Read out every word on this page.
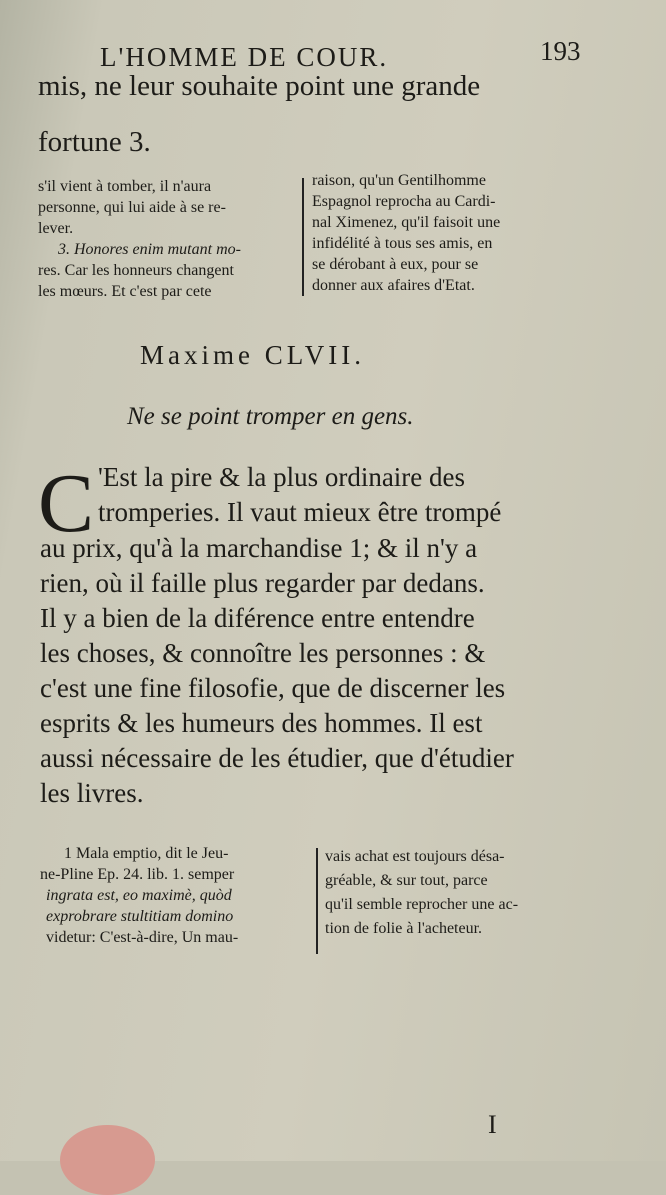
L'HOMME DE COUR.	193
mis, ne leur souhaite point une grande
fortune 3.
s'il vient à tomber, il n'aura
personne, qui lui aide à se re-
lever.
3. Honores enim mutant mo-
res. Car les honneurs changent
les mœurs. Et c'est par cete
raison, qu'un Gentilhomme
Espagnol reprocha au Cardi-
nal Ximenez, qu'il faisoit une
infidélité à tous ses amis, en
se dérobant à eux, pour se
donner aux afaires d'Etat.
Maxime CLVII.
Ne se point tromper en gens.
C 'Est la pire & la plus ordinaire des
tromperies. Il vaut mieux être trompé
au prix, qu'à la marchandise 1; & il n'y a
rien, où il faille plus regarder par dedans.
Il y a bien de la diférence entre entendre
les choses, & connoître les personnes : &
c'est une fine filosofie, que de discerner les
esprits & les humeurs des hommes. Il est
aussi nécessaire de les étudier, que d'étudier
les livres.
1 Mala emptio, dit le Jeu-
ne-Pline Ep. 24. lib. 1. semper
ingrata est, eo maximè, quòd
exprobrare stultitiam domino
videtur: C'est-à-dire, Un mau-
vais achat est toujours désa-
gréable, & sur tout, parce
qu'il semble reprocher une ac-
tion de folie à l'acheteur.
I
